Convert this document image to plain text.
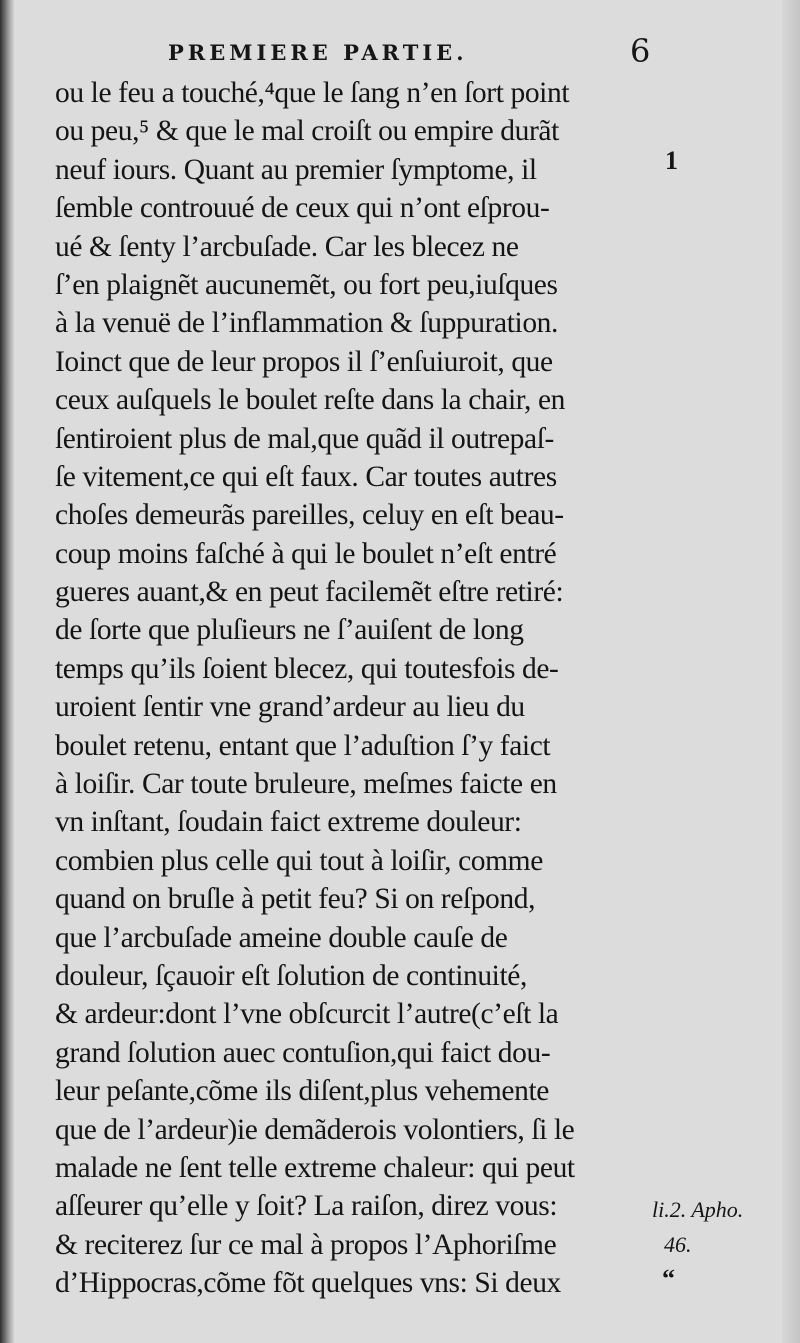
PREMIERE PARTIE.	6
ou le feu a touché,⁴que le ſang n’en ſort point
ou peu,⁵ & que le mal croiſt ou empire durãt
neuf iours. Quant au premier ſymptome, il
ſemble controuué de ceux qui n’ont eſprou-
ué & ſenty l’arcbuſade. Car les blecez ne
ſ’en plaignẽt aucunemẽt, ou fort peu,iuſques
à la venuë de l’inflammation & ſuppuration.
Ioinct que de leur propos il ſ’enſuiuroit, que
ceux auſquels le boulet reſte dans la chair, en
ſentiroient plus de mal,que quãd il outrepaſ-
ſe vitement,ce qui eſt faux. Car toutes autres
choſes demeurãs pareilles, celuy en eſt beau-
coup moins faſché à qui le boulet n’eſt entré
gueres auant,& en peut facilemẽt eſtre retiré:
de ſorte que pluſieurs ne ſ’auiſent de long
temps qu’ils ſoient blecez, qui toutesfois de-
uroient ſentir vne grand’ardeur au lieu du
boulet retenu, entant que l’aduſtion ſ’y faict
à loiſir. Car toute bruleure, meſmes faicte en
vn inſtant, ſoudain faict extreme douleur:
combien plus celle qui tout à loiſir, comme
quand on bruſle à petit feu? Si on reſpond,
que l’arcbuſade ameine double cauſe de
douleur, ſçauoir eſt ſolution de continuité,
& ardeur:dont l’vne obſcurcit l’autre(c’eſt la
grand ſolution auec contuſion,qui faict dou-
leur peſante,cõme ils diſent,plus vehemente
que de l’ardeur)ie demãderois volontiers, ſi le
malade ne ſent telle extreme chaleur: qui peut
aſſeurer qu’elle y ſoit? La raiſon, direz vous:
& reciterez ſur ce mal à propos l’Aphoriſme
d’Hippocras,cõme fõt quelques vns: Si deux
1
li.2. Apho.
46.
“
